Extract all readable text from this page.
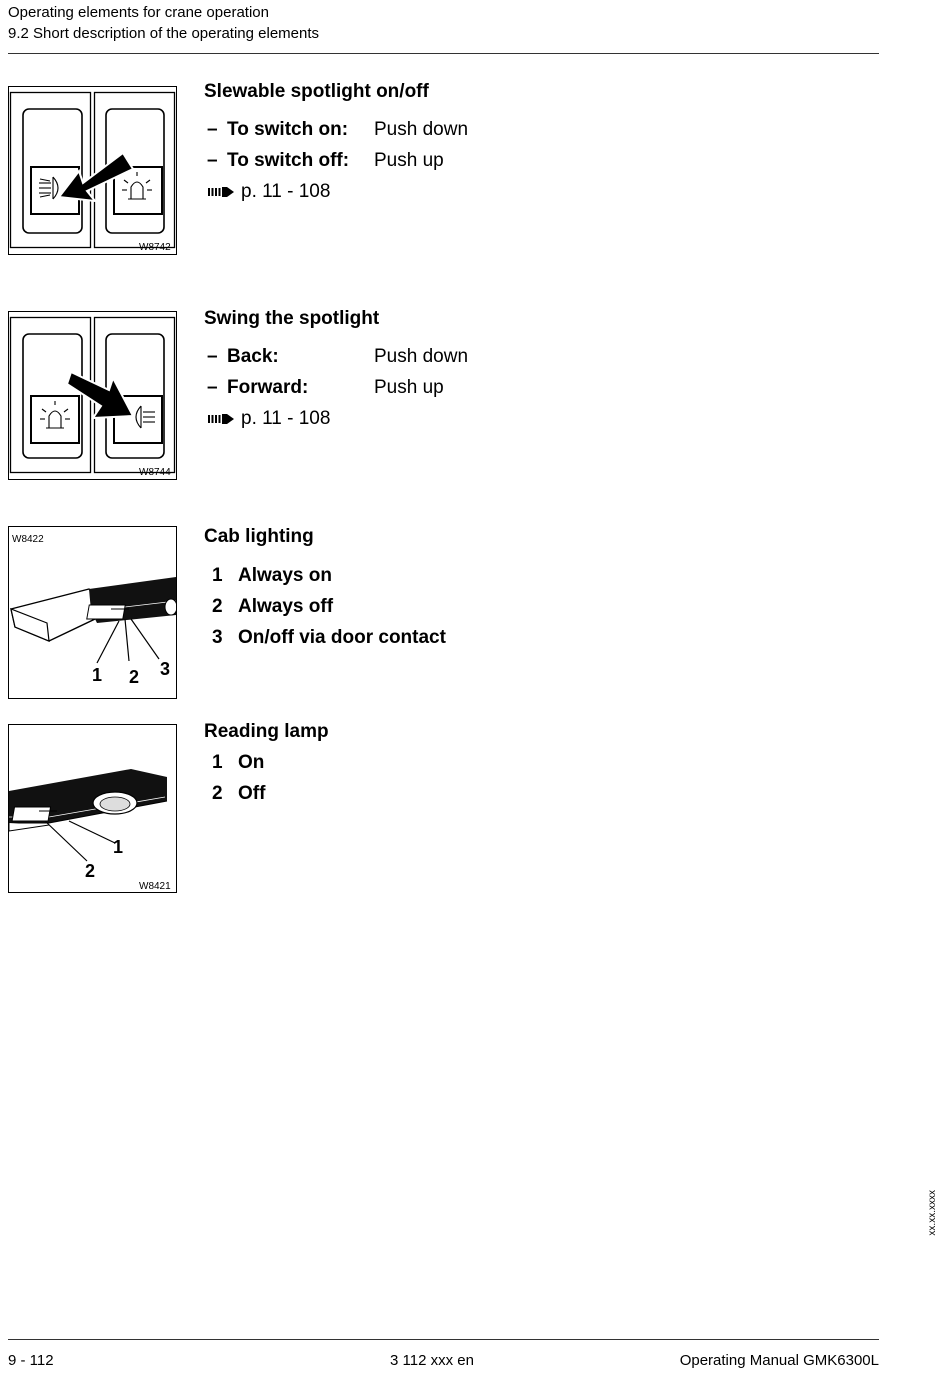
Operating elements for crane operation
9.2 Short description of the operating elements
W8742
Slewable spotlight on/off
– To switch on: Push down
– To switch off: Push up
p. 11 - 108
W8744
Swing the spotlight
– Back:	Push down
– Forward:	Push up
p. 11 - 108
W8422
1 2 3
Cab lighting
1 Always on
2 Always off
3 On/off via door contact
1
2
W8421
Reading lamp
1 On
2 Off
xx.xx.xxxx
9 - 112	3 112 xxx en	Operating Manual GMK6300L
